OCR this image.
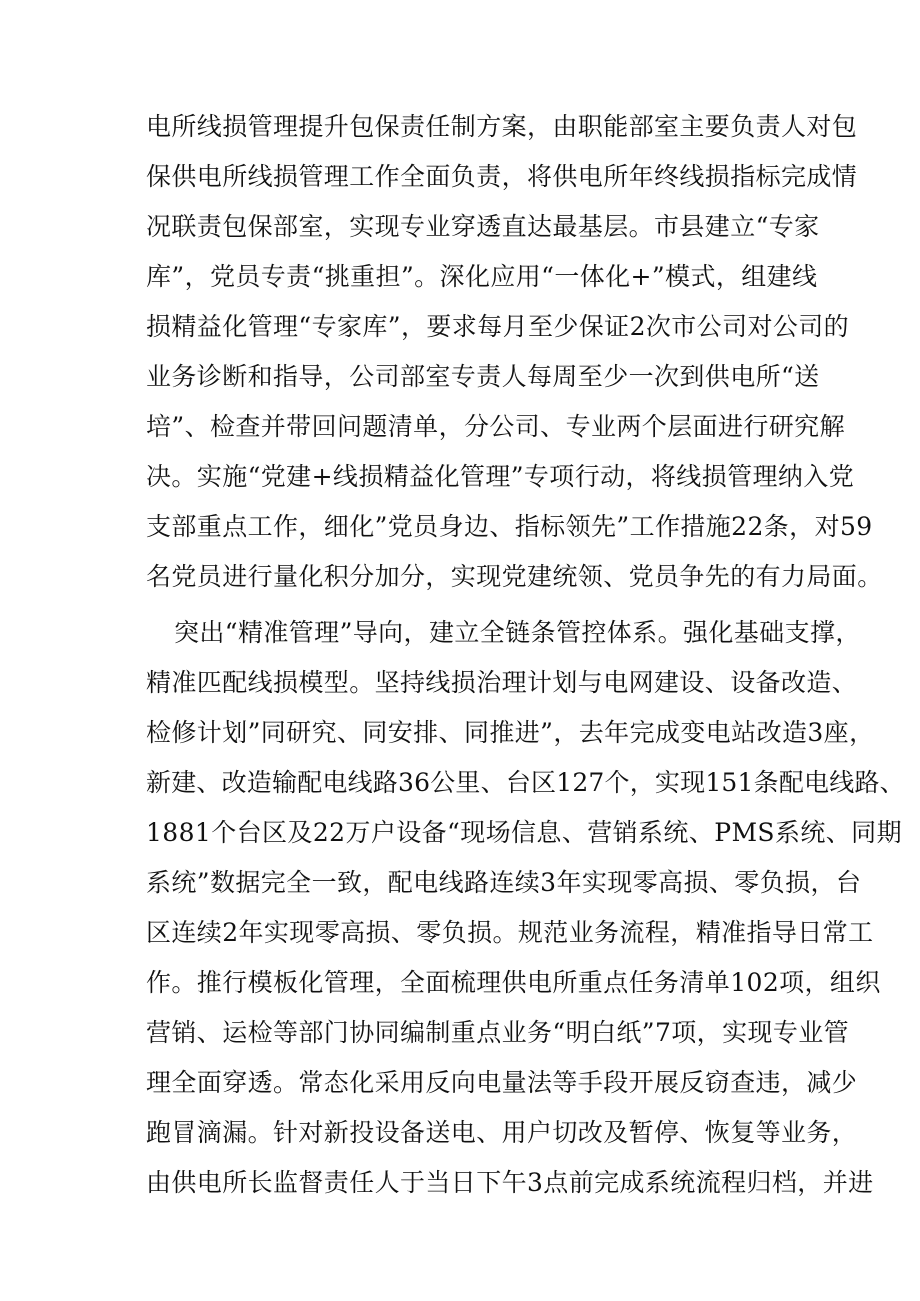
电所线损管理提升包保责任制方案，由职能部室主要负责人对包
保供电所线损管理工作全面负责，将供电所年终线损指标完成情
况联责包保部室，实现专业穿透直达最基层。市县建立“专家
库”，党员专责“挑重担”。深化应用“一体化+”模式，组建线
损精益化管理“专家库”，要求每月至少保证2次市公司对公司的
业务诊断和指导，公司部室专责人每周至少一次到供电所“送
培”、检查并带回问题清单，分公司、专业两个层面进行研究解
决。实施“党建+线损精益化管理”专项行动，将线损管理纳入党
支部重点工作，细化”党员身边、指标领先”工作措施22条，对59
名党员进行量化积分加分，实现党建统领、党员争先的有力局面。
突出“精准管理”导向，建立全链条管控体系。强化基础支撑，
精准匹配线损模型。坚持线损治理计划与电网建设、设备改造、
检修计划”同研究、同安排、同推进”，去年完成变电站改造3座，
新建、改造输配电线路36公里、台区127个，实现151条配电线路、
1881个台区及22万户设备“现场信息、营销系统、PMS系统、同期
系统”数据完全一致，配电线路连续3年实现零高损、零负损，台
区连续2年实现零高损、零负损。规范业务流程，精准指导日常工
作。推行模板化管理，全面梳理供电所重点任务清单102项，组织
营销、运检等部门协同编制重点业务“明白纸”7项，实现专业管
理全面穿透。常态化采用反向电量法等手段开展反窃查违，减少
跑冒滴漏。针对新投设备送电、用户切改及暂停、恢复等业务，
由供电所长监督责任人于当日下午3点前完成系统流程归档，并进
